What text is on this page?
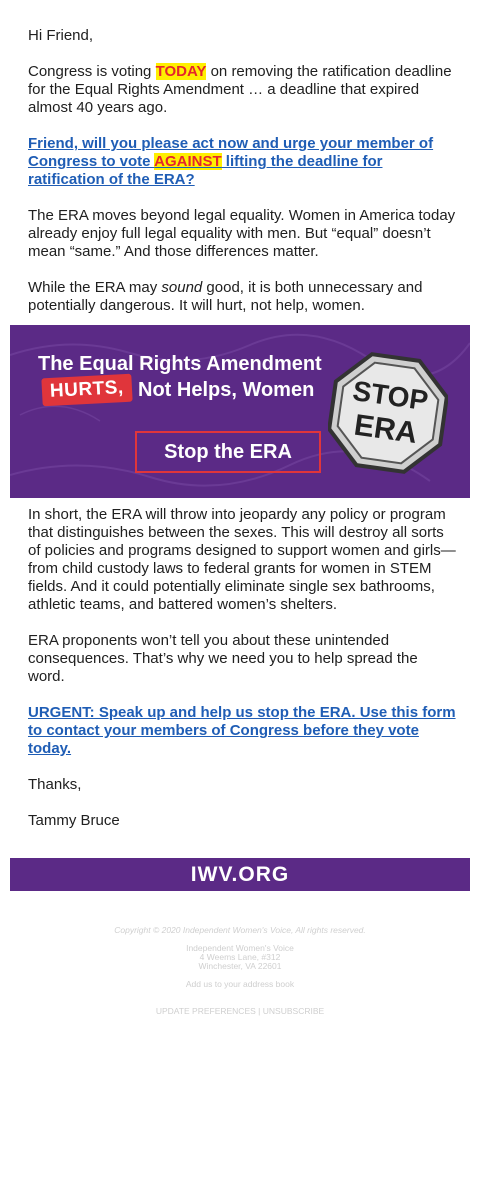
Hi Friend,

Congress is voting TODAY on removing the ratification deadline for the Equal Rights Amendment … a deadline that expired almost 40 years ago.

Friend, will you please act now and urge your member of Congress to vote AGAINST lifting the deadline for ratification of the ERA?

The ERA moves beyond legal equality. Women in America today already enjoy full legal equality with men. But “equal” doesn’t mean “same.” And those differences matter.

While the ERA may sound good, it is both unnecessary and potentially dangerous. It will hurt, not help, women.

The Equal Rights Amendment
HURTS, Not Helps, Women
Stop the ERA
STOP
ERA

In short, the ERA will throw into jeopardy any policy or program that distinguishes between the sexes. This will destroy all sorts of policies and programs designed to support women and girls—from child custody laws to federal grants for women in STEM fields. And it could potentially eliminate single sex bathrooms, athletic teams, and battered women’s shelters.

ERA proponents won’t tell you about these unintended consequences. That’s why we need you to help spread the word.

URGENT: Speak up and help us stop the ERA. Use this form to contact your members of Congress before they vote today.

Thanks,

Tammy Bruce

IWV.ORG
Copyright © 2020 Independent Women's Voice, All rights reserved.
Independent Women's Voice
4 Weems Lane, #312
Winchester, VA 22601
Add us to your address book
UPDATE PREFERENCES | UNSUBSCRIBE
